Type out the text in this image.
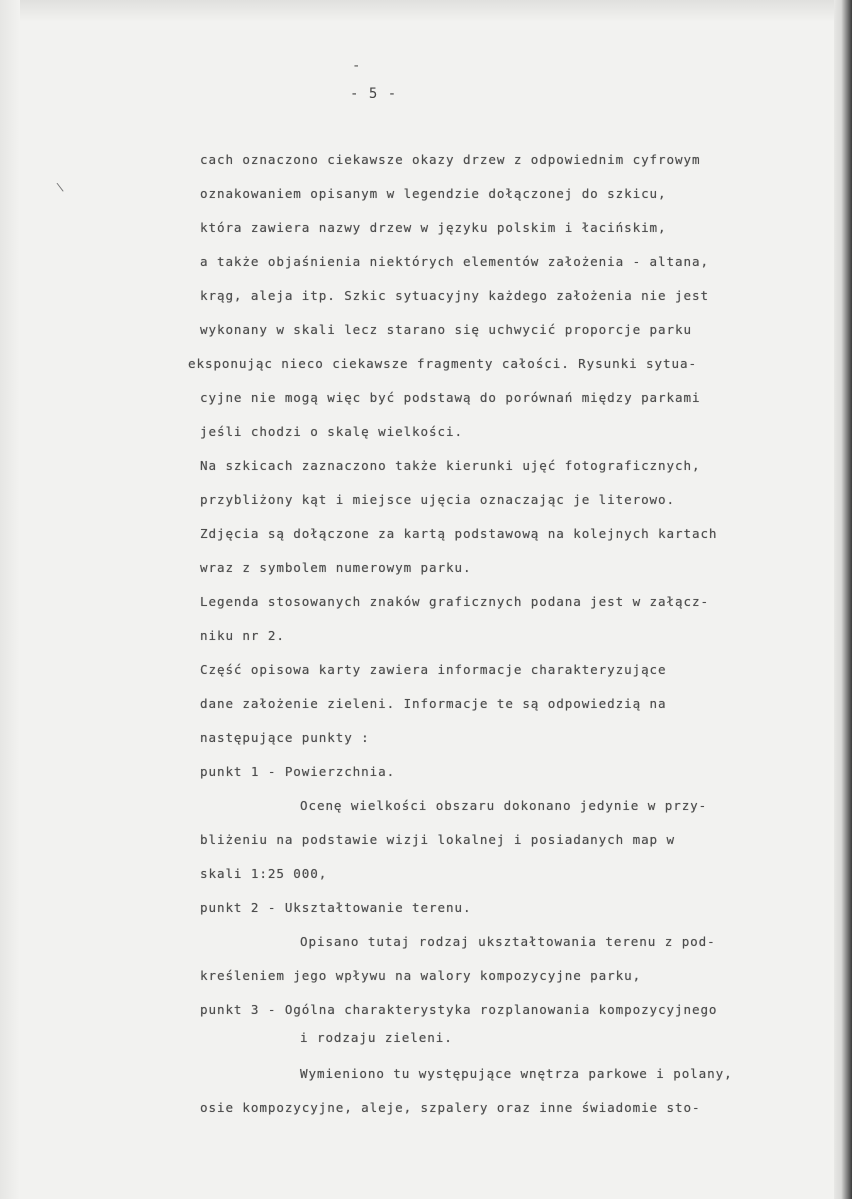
-
- 5 -
\
cach oznaczono ciekawsze okazy drzew z odpowiednim cyfrowym
oznakowaniem opisanym w legendzie dołączonej do szkicu,
która zawiera nazwy drzew w języku polskim i łacińskim,
a także objaśnienia niektórych elementów założenia - altana,
krąg, aleja itp. Szkic sytuacyjny każdego założenia nie jest
wykonany w skali lecz starano się uchwycić proporcje parku
eksponując nieco ciekawsze fragmenty całości. Rysunki sytua-
cyjne nie mogą więc być podstawą do porównań między parkami
jeśli chodzi o skalę wielkości.
Na szkicach zaznaczono także kierunki ujęć fotograficznych,
przybliżony kąt i miejsce ujęcia oznaczając je literowo.
Zdjęcia są dołączone za kartą podstawową na kolejnych kartach
wraz z symbolem numerowym parku.
Legenda stosowanych znaków graficznych podana jest w załącz-
niku nr 2.
Część opisowa karty zawiera informacje charakteryzujące
dane założenie zieleni. Informacje te są odpowiedzią na
następujące punkty :
punkt 1 - Powierzchnia.
Ocenę wielkości obszaru dokonano jedynie w przy-
bliżeniu na podstawie wizji lokalnej i posiadanych map w
skali 1:25 000,
punkt 2 - Ukształtowanie terenu.
Opisano tutaj rodzaj ukształtowania terenu z pod-
kreśleniem jego wpływu na walory kompozycyjne parku,
punkt 3 - Ogólna charakterystyka rozplanowania kompozycyjnego
i rodzaju zieleni.
Wymieniono tu występujące wnętrza parkowe i polany,
osie kompozycyjne, aleje, szpalery oraz inne świadomie sto-
